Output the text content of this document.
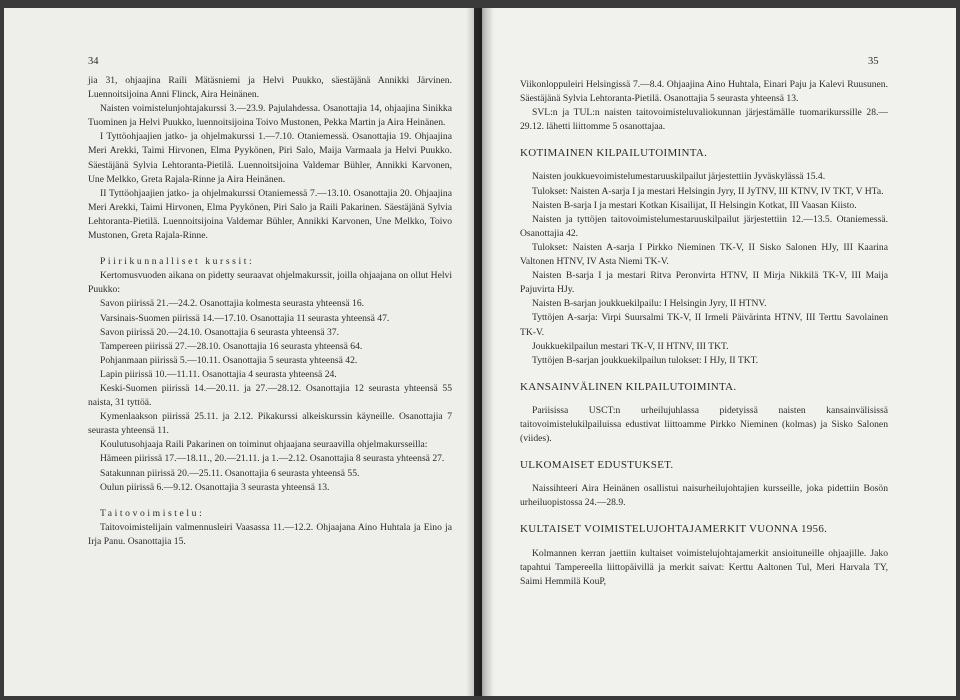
34

jia 31, ohjaajina Raili Mätäsniemi ja Helvi Puukko, säestäjänä Annikki Järvinen. Luennoitsijoina Anni Flinck, Aira Heinänen.

Naisten voimistelunjohtajakurssi 3.—23.9. Pajulahdessa. Osanottajia 14, ohjaajina Sinikka Tuominen ja Helvi Puukko, luennoitsijoina Toivo Mustonen, Pekka Martin ja Aira Heinänen.

I Tyttöohjaajien jatko- ja ohjelmakurssi 1.—7.10. Otaniemessä. Osanottajia 19. Ohjaajina Meri Arekki, Taimi Hirvonen, Elma Pyykönen, Piri Salo, Maija Varmaala ja Helvi Puukko. Säestäjänä Sylvia Lehtoranta-Pietilä. Luennoitsijoina Valdemar Bühler, Annikki Karvonen, Une Melkko, Greta Rajala-Rinne ja Aira Heinänen.

II Tyttöohjaajien jatko- ja ohjelmakurssi Otaniemessä 7.—13.10. Osanottajia 20. Ohjaajina Meri Arekki, Taimi Hirvonen, Elma Pyykönen, Piri Salo ja Raili Pakarinen. Säestäjänä Sylvia Lehtoranta-Pietilä. Luennoitsijoina Valdemar Bühler, Annikki Karvonen, Une Melkko, Toivo Mustonen, Greta Rajala-Rinne.

Piirikunnalliset kurssit:

Kertomusvuoden aikana on pidetty seuraavat ohjelmakurssit, joilla ohjaajana on ollut Helvi Puukko:

Savon piirissä 21.—24.2. Osanottajia kolmesta seurasta yhteensä 16.

Varsinais-Suomen piirissä 14.—17.10. Osanottajia 11 seurasta yhteensä 47.

Savon piirissä 20.—24.10. Osanottajia 6 seurasta yhteensä 37.

Tampereen piirissä 27.—28.10. Osanottajia 16 seurasta yhteensä 64.

Pohjanmaan piirissä 5.—10.11. Osanottajia 5 seurasta yhteensä 42.

Lapin piirissä 10.—11.11. Osanottajia 4 seurasta yhteensä 24.

Keski-Suomen piirissä 14.—20.11. ja 27.—28.12. Osanottajia 12 seurasta yhteensä 55 naista, 31 tyttöä.

Kymenlaakson piirissä 25.11. ja 2.12. Pikakurssi alkeiskurssin käyneille. Osanottajia 7 seurasta yhteensä 11.

Koulutusohjaaja Raili Pakarinen on toiminut ohjaajana seuraavilla ohjelmakursseilla:

Hämeen piirissä 17.—18.11., 20.—21.11. ja 1.—2.12. Osanottajia 8 seurasta yhteensä 27.

Satakunnan piirissä 20.—25.11. Osanottajia 6 seurasta yhteensä 55.

Oulun piirissä 6.—9.12. Osanottajia 3 seurasta yhteensä 13.

Taitovoimistelu:

Taitovoimistelijain valmennusleiri Vaasassa 11.—12.2. Ohjaajana Aino Huhtala ja Eino ja Irja Panu. Osanottajia 15.

35

Viikonloppuleiri Helsingissä 7.—8.4. Ohjaajina Aino Huhtala, Einari Paju ja Kalevi Ruusunen. Säestäjänä Sylvia Lehtoranta-Pietilä. Osanottajia 5 seurasta yhteensä 13.

SVL:n ja TUL:n naisten taitovoimisteluvaliokunnan järjestämälle tuomarikurssille 28.—29.12. lähetti liittomme 5 osanottajaa.

KOTIMAINEN KILPAILUTOIMINTA.

Naisten joukkuevoimistelumestaruuskilpailut järjestettiin Jyväskylässä 15.4.

Tulokset: Naisten A-sarja I ja mestari Helsingin Jyry, II JyTNV, III KTNV, IV TKT, V HTa.

Naisten B-sarja I ja mestari Kotkan Kisailijat, II Helsingin Kotkat, III Vaasan Kiisto.

Naisten ja tyttöjen taitovoimistelumestaruuskilpailut järjestettiin 12.—13.5. Otaniemessä. Osanottajia 42.

Tulokset: Naisten A-sarja I Pirkko Nieminen TK-V, II Sisko Salonen HJy, III Kaarina Valtonen HTNV, IV Asta Niemi TK-V.

Naisten B-sarja I ja mestari Ritva Peronvirta HTNV, II Mirja Nikkilä TK-V, III Maija Pajuvirta HJy.

Naisten B-sarjan joukkuekilpailu: I Helsingin Jyry, II HTNV.

Tyttöjen A-sarja: Virpi Suursalmi TK-V, II Irmeli Päivärinta HTNV, III Terttu Savolainen TK-V.

Joukkuekilpailun mestari TK-V, II HTNV, III TKT.

Tyttöjen B-sarjan joukkuekilpailun tulokset: I HJy, II TKT.

KANSAINVÄLINEN KILPAILUTOIMINTA.

Pariisissa USCT:n urheilujuhlassa pidetyissä naisten kansainvälisissä taitovoimistelukilpailuissa edustivat liittoamme Pirkko Nieminen (kolmas) ja Sisko Salonen (viides).

ULKOMAISET EDUSTUKSET.

Naissihteeri Aira Heinänen osallistui naisurheilujohtajien kursseille, joka pidettiin Bosön urheiluopistossa 24.—28.9.

KULTAISET VOIMISTELUJOHTAJAMERKIT VUONNA 1956.

Kolmannen kerran jaettiin kultaiset voimistelujohtajamerkit ansioituneille ohjaajille. Jako tapahtui Tampereella liittopäivillä ja merkit saivat: Kerttu Aaltonen Tul, Meri Harvala TY, Saimi Hemmilä KouP,
